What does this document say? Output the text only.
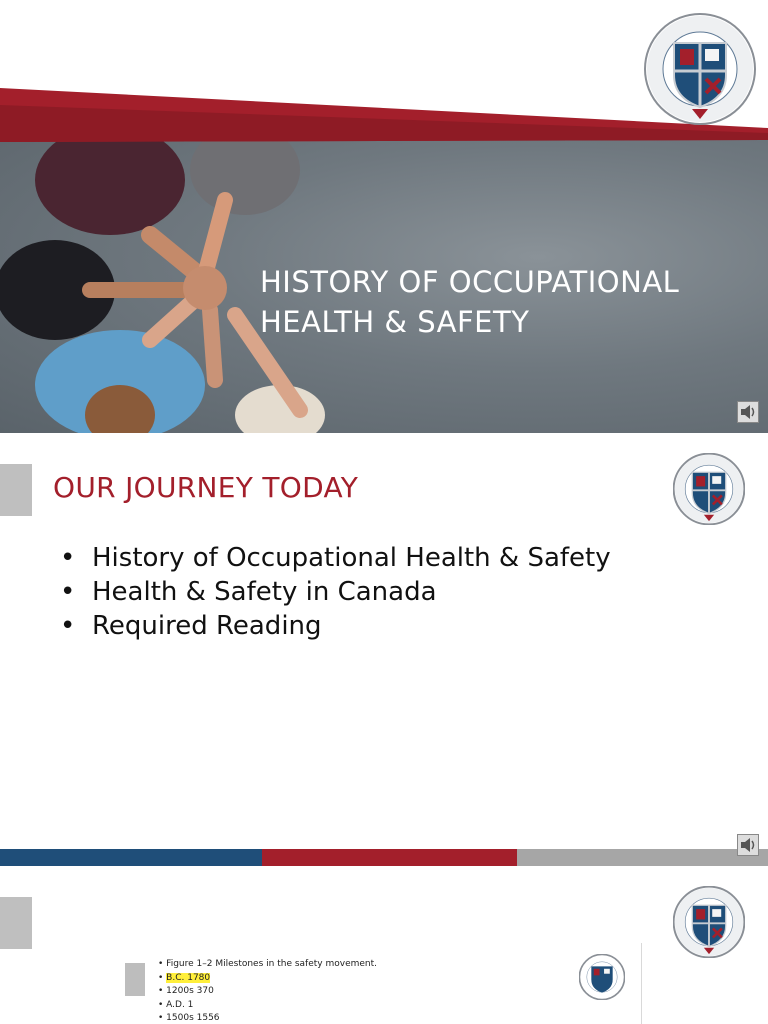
HISTORY OF OCCUPATIONAL
HEALTH & SAFETY
OUR JOURNEY TODAY
• History of Occupational Health & Safety
• Health & Safety in Canada
• Required Reading
• Figure 1–2 Milestones in the safety movement.
• B.C. 1780
• 1200s 370
• A.D. 1
• 1500s 1556
